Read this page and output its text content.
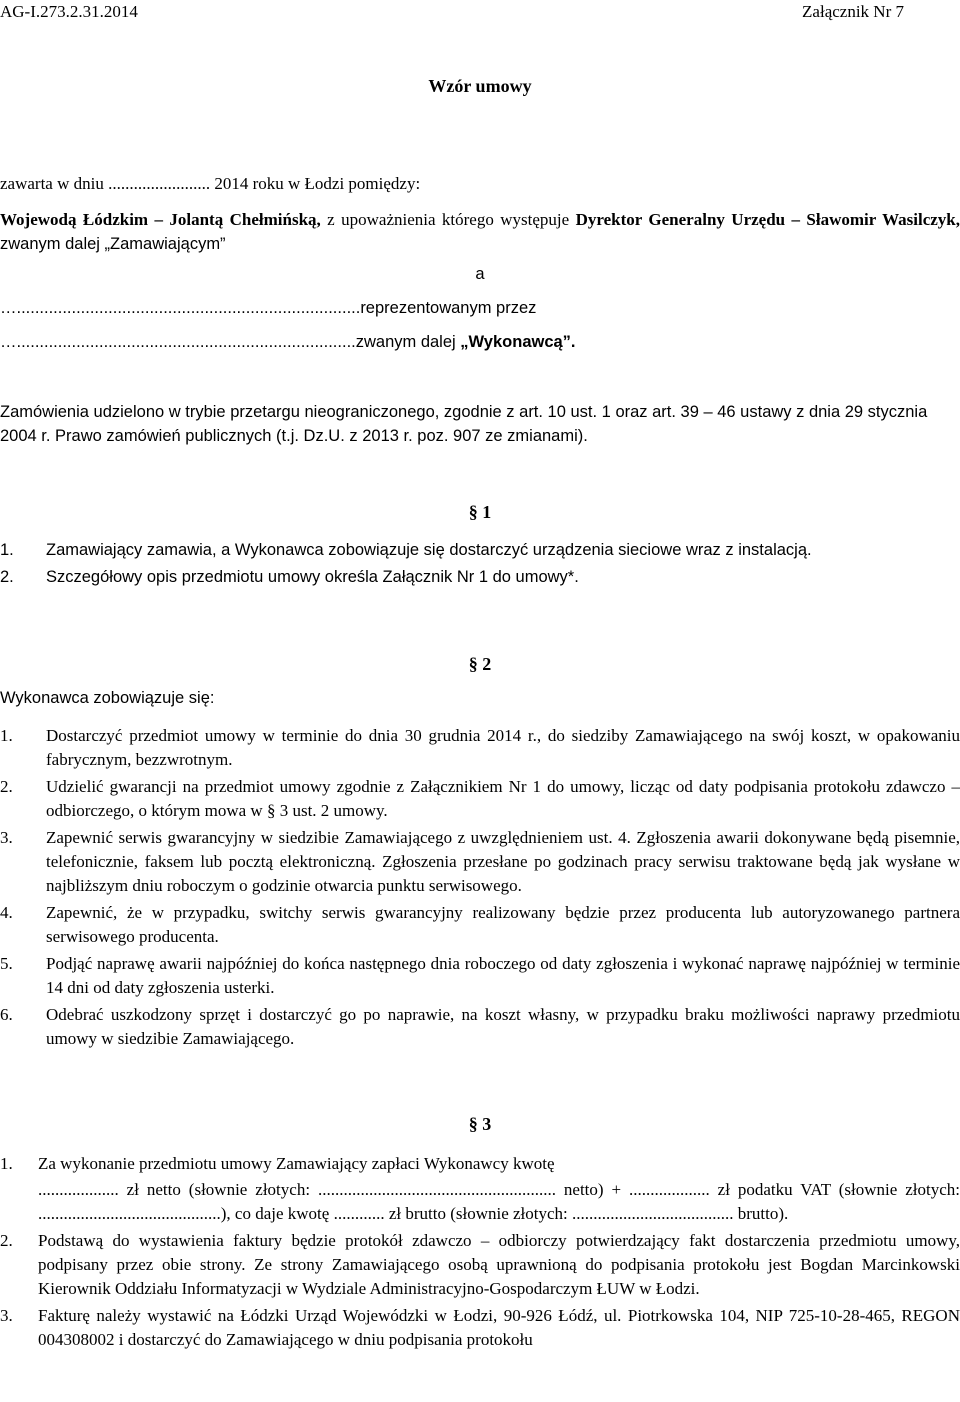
AG-I.273.2.31.2014	Załącznik Nr 7
Wzór umowy
zawarta w dniu ........................ 2014 roku w Łodzi pomiędzy:
Wojewodą Łódzkim – Jolantą Chełmińską, z upoważnienia którego występuje Dyrektor Generalny Urzędu – Sławomir Wasilczyk, zwanym dalej „Zamawiającym”
a
…...........................................................................reprezentowanym przez
…..........................................................................zwanym dalej „Wykonawcą”.
Zamówienia udzielono w trybie przetargu nieograniczonego, zgodnie z art. 10 ust. 1 oraz art. 39 – 46 ustawy z dnia 29 stycznia 2004 r. Prawo zamówień publicznych (t.j. Dz.U. z 2013 r. poz. 907 ze zmianami).
§ 1
1. Zamawiający zamawia, a Wykonawca zobowiązuje się dostarczyć urządzenia sieciowe wraz z instalacją.
2. Szczegółowy opis przedmiotu umowy określa Załącznik Nr 1 do umowy*.
§ 2
Wykonawca zobowiązuje się:
1. Dostarczyć przedmiot umowy w terminie do dnia 30 grudnia 2014 r., do siedziby Zamawiającego na swój koszt, w opakowaniu fabrycznym, bezzwrotnym.
2. Udzielić gwarancji na przedmiot umowy zgodnie z Załącznikiem Nr 1 do umowy, licząc od daty podpisania protokołu zdawczo – odbiorczego, o którym mowa w § 3 ust. 2 umowy.
3. Zapewnić serwis gwarancyjny w siedzibie Zamawiającego z uwzględnieniem ust. 4. Zgłoszenia awarii dokonywane będą pisemnie, telefonicznie, faksem lub pocztą elektroniczną. Zgłoszenia przesłane po godzinach pracy serwisu traktowane będą jak wysłane w najbliższym dniu roboczym o godzinie otwarcia punktu serwisowego.
4. Zapewnić, że w przypadku, switchy serwis gwarancyjny realizowany będzie przez producenta lub autoryzowanego partnera serwisowego producenta.
5. Podjąć naprawę awarii najpóźniej do końca następnego dnia roboczego od daty zgłoszenia i wykonać naprawę najpóźniej w terminie 14 dni od daty zgłoszenia usterki.
6. Odebrać uszkodzony sprzęt i dostarczyć go po naprawie, na koszt własny, w przypadku braku możliwości naprawy przedmiotu umowy w siedzibie Zamawiającego.
§ 3
1. Za wykonanie przedmiotu umowy Zamawiający zapłaci Wykonawcy kwotę
................... zł netto (słownie złotych: ........................................................ netto) + ................... zł podatku VAT (słownie złotych: ...........................................), co daje kwotę ............ zł brutto (słownie złotych: ...................................... brutto).
2. Podstawą do wystawienia faktury będzie protokół zdawczo – odbiorczy potwierdzający fakt dostarczenia przedmiotu umowy, podpisany przez obie strony. Ze strony Zamawiającego osobą uprawnioną do podpisania protokołu jest Bogdan Marcinkowski Kierownik Oddziału Informatyzacji w Wydziale Administracyjno-Gospodarczym ŁUW w Łodzi.
3. Fakturę należy wystawić na Łódzki Urząd Wojewódzki w Łodzi, 90-926 Łódź, ul. Piotrkowska 104, NIP 725-10-28-465, REGON 004308002 i dostarczyć do Zamawiającego w dniu podpisania protokołu
